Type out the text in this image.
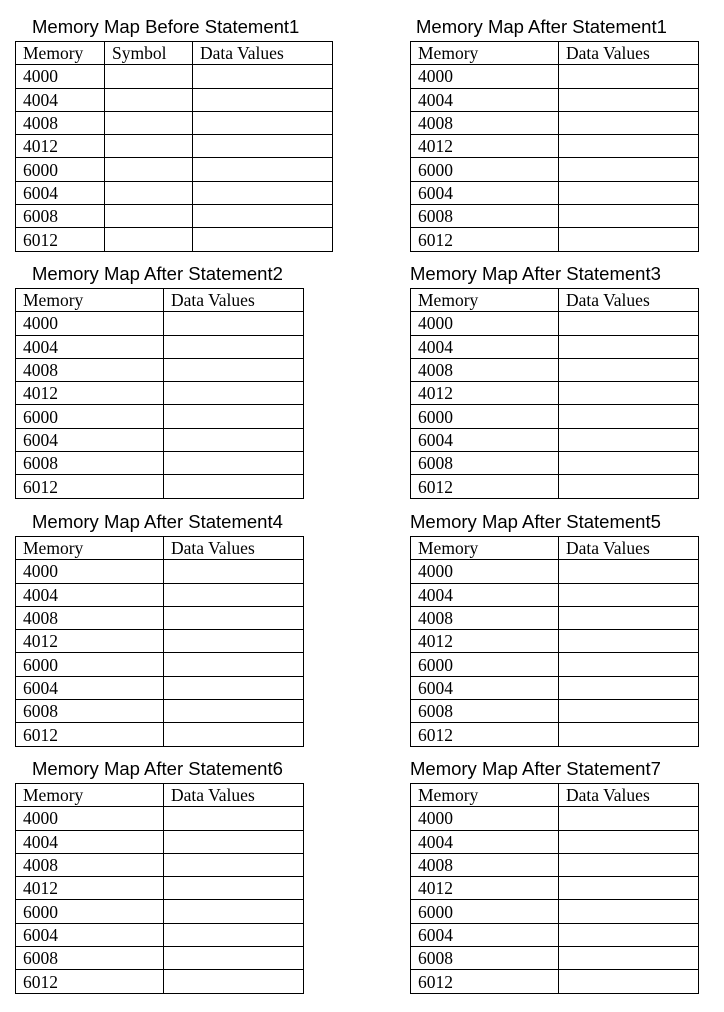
Memory Map Before Statement1
Memory	Symbol	Data Values
4000		
4004		
4008		
4012		
6000		
6004		
6008		
6012		
Memory Map After Statement1
Memory	Data Values
4000	
4004	
4008	
4012	
6000	
6004	
6008	
6012	
Memory Map After Statement2
Memory	Data Values
4000	
4004	
4008	
4012	
6000	
6004	
6008	
6012	
Memory Map After Statement3
Memory	Data Values
4000	
4004	
4008	
4012	
6000	
6004	
6008	
6012	
Memory Map After Statement4
Memory	Data Values
4000	
4004	
4008	
4012	
6000	
6004	
6008	
6012	
Memory Map After Statement5
Memory	Data Values
4000	
4004	
4008	
4012	
6000	
6004	
6008	
6012	
Memory Map After Statement6
Memory	Data Values
4000	
4004	
4008	
4012	
6000	
6004	
6008	
6012	
Memory Map After Statement7
Memory	Data Values
4000	
4004	
4008	
4012	
6000	
6004	
6008	
6012	
